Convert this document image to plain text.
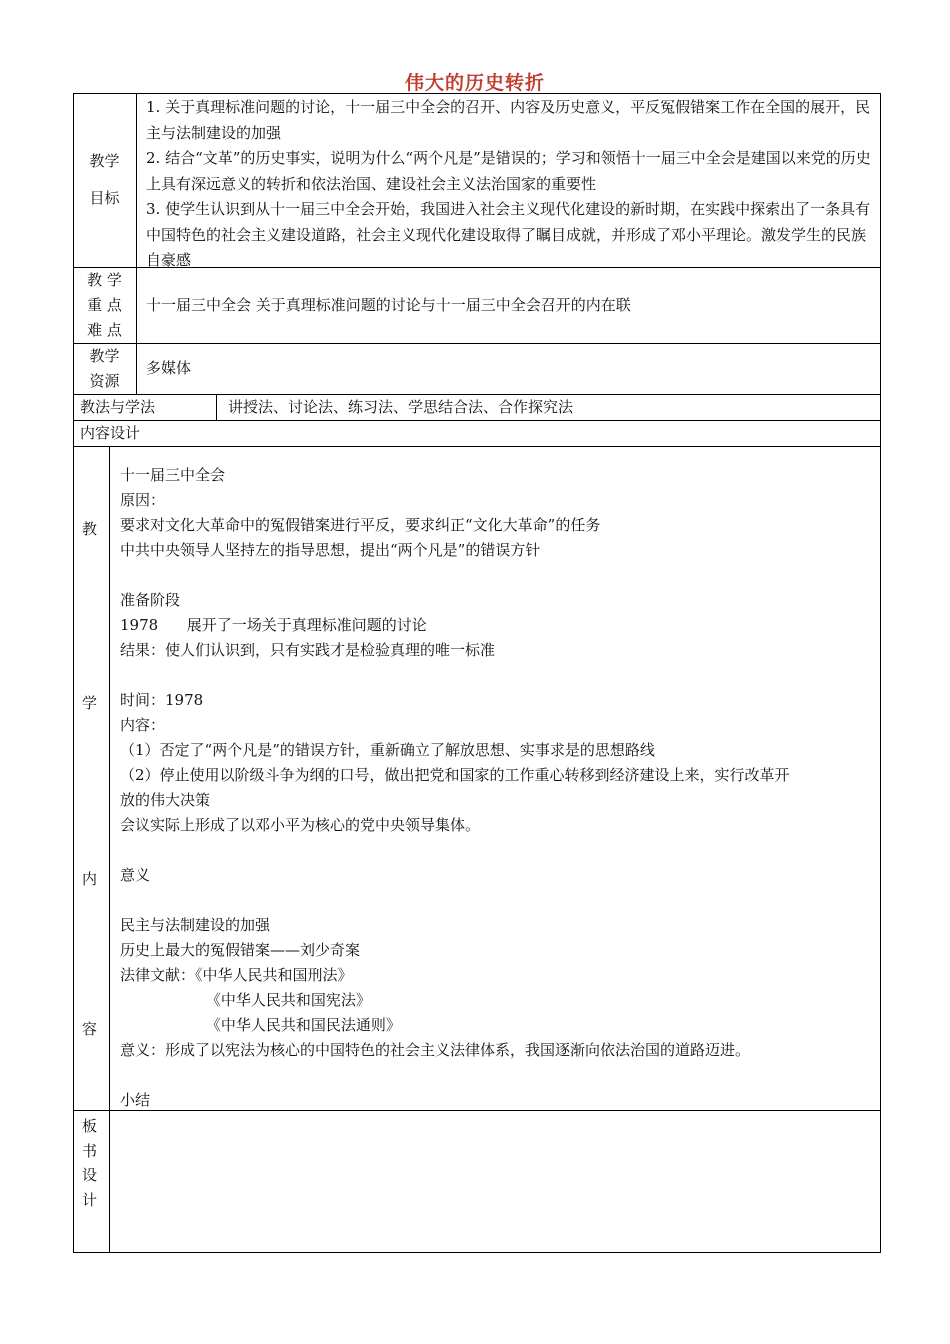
伟大的历史转折
教学
目标
1. 关于真理标准问题的讨论，十一届三中全会的召开、内容及历史意义，平反冤假错案工作在全国的展开，民主与法制建设的加强
2. 结合“文革”的历史事实，说明为什么“两个凡是”是错误的；学习和领悟十一届三中全会是建国以来党的历史上具有深远意义的转折和依法治国、建设社会主义法治国家的重要性
3. 使学生认识到从十一届三中全会开始，我国进入社会主义现代化建设的新时期，在实践中探索出了一条具有中国特色的社会主义建设道路，社会主义现代化建设取得了瞩目成就，并形成了邓小平理论。激发学生的民族自豪感
教 学
重 点
难 点
十一届三中全会 关于真理标准问题的讨论与十一届三中全会召开的内在联
教学
资源
多媒体
教法与学法	讲授法、讨论法、练习法、学思结合法、合作探究法
内容设计
教
学
内
容
十一届三中全会
原因：
要求对文化大革命中的冤假错案进行平反，要求纠正“文化大革命”的任务
中共中央领导人坚持左的指导思想，提出“两个凡是”的错误方针
准备阶段
1978      展开了一场关于真理标准问题的讨论
结果：使人们认识到，只有实践才是检验真理的唯一标准
时间：1978
内容：
（1）否定了“两个凡是”的错误方针，重新确立了解放思想、实事求是的思想路线
（2）停止使用以阶级斗争为纲的口号，做出把党和国家的工作重心转移到经济建设上来，实行改革开
放的伟大决策
会议实际上形成了以邓小平为核心的党中央领导集体。
意义
民主与法制建设的加强
历史上最大的冤假错案——刘少奇案
法律文献：《中华人民共和国刑法》
《中华人民共和国宪法》
《中华人民共和国民法通则》
意义：形成了以宪法为核心的中国特色的社会主义法律体系，我国逐渐向依法治国的道路迈进。
小结
板
书
设
计
